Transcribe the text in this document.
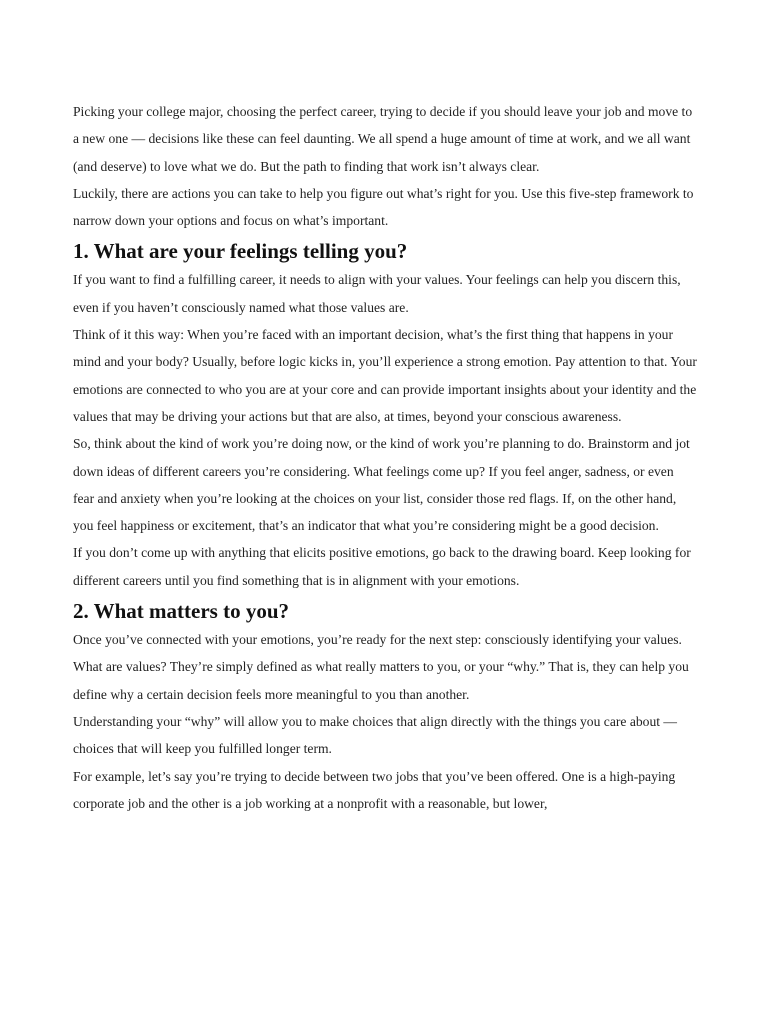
Picking your college major, choosing the perfect career, trying to decide if you should leave your job and move to a new one — decisions like these can feel daunting. We all spend a huge amount of time at work, and we all want (and deserve) to love what we do. But the path to finding that work isn’t always clear.

Luckily, there are actions you can take to help you figure out what’s right for you. Use this five-step framework to narrow down your options and focus on what’s important.

1. What are your feelings telling you?

If you want to find a fulfilling career, it needs to align with your values. Your feelings can help you discern this, even if you haven’t consciously named what those values are.

Think of it this way: When you’re faced with an important decision, what’s the first thing that happens in your mind and your body? Usually, before logic kicks in, you’ll experience a strong emotion. Pay attention to that. Your emotions are connected to who you are at your core and can provide important insights about your identity and the values that may be driving your actions but that are also, at times, beyond your conscious awareness.

So, think about the kind of work you’re doing now, or the kind of work you’re planning to do. Brainstorm and jot down ideas of different careers you’re considering. What feelings come up? If you feel anger, sadness, or even fear and anxiety when you’re looking at the choices on your list, consider those red flags. If, on the other hand, you feel happiness or excitement, that’s an indicator that what you’re considering might be a good decision.

If you don’t come up with anything that elicits positive emotions, go back to the drawing board. Keep looking for different careers until you find something that is in alignment with your emotions.

2. What matters to you?

Once you’ve connected with your emotions, you’re ready for the next step: consciously identifying your values.

What are values? They’re simply defined as what really matters to you, or your “why.” That is, they can help you define why a certain decision feels more meaningful to you than another.

Understanding your “why” will allow you to make choices that align directly with the things you care about — choices that will keep you fulfilled longer term.

For example, let’s say you’re trying to decide between two jobs that you’ve been offered. One is a high-paying corporate job and the other is a job working at a nonprofit with a reasonable, but lower,
